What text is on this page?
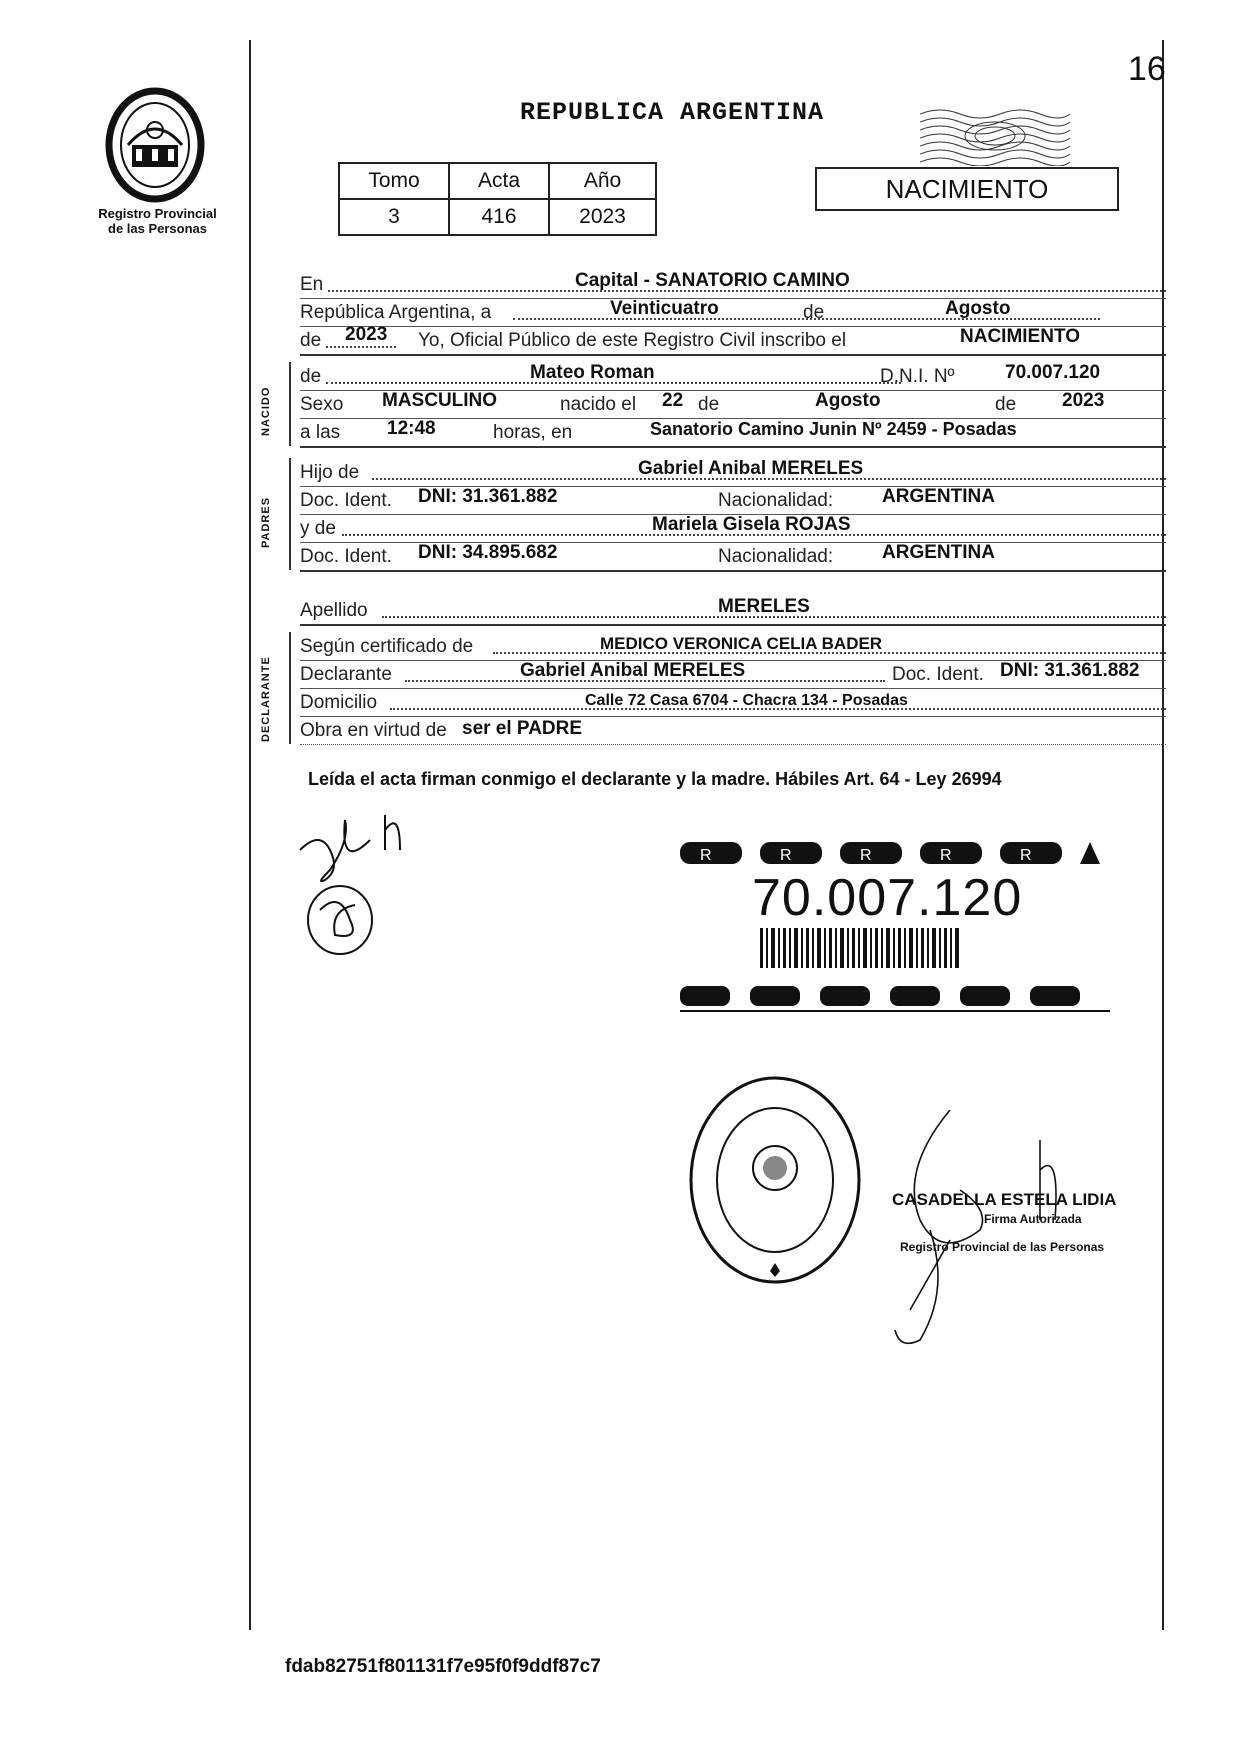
16
Registro Provincial
de las Personas
REPUBLICA ARGENTINA
Tomo	Acta	Año
3	416	2023
NACIMIENTO
En	Capital - SANATORIO CAMINO
República Argentina, a	Veinticuatro	de	Agosto
de 2023 Yo, Oficial Público de este Registro Civil inscribo el	NACIMIENTO
NACIDO
de	Mateo Roman	D.N.I. Nº	70.007.120
Sexo MASCULINO	nacido el 22 de	Agosto	de 2023
a las 12:48	horas, en	Sanatorio Camino Junin Nº 2459 - Posadas
PADRES
Hijo de	Gabriel Anibal MERELES
Doc. Ident. DNI: 31.361.882	Nacionalidad:	ARGENTINA
y de	Mariela Gisela ROJAS
Doc. Ident. DNI: 34.895.682	Nacionalidad:	ARGENTINA
Apellido	MERELES
DECLARANTE
Según certificado de	MEDICO VERONICA CELIA BADER
Declarante	Gabriel Anibal MERELES	Doc. Ident. DNI: 31.361.882
Domicilio	Calle 72 Casa 6704 - Chacra 134 - Posadas
Obra en virtud de ser el PADRE
Leída el acta firman conmigo el declarante y la madre. Hábiles Art. 64 - Ley 26994
R	R	R	R	R
70.007.120
CASADELLA ESTELA LIDIA
Firma Autorizada
Registro Provincial de las Personas
fdab82751f801131f7e95f0f9ddf87c7
